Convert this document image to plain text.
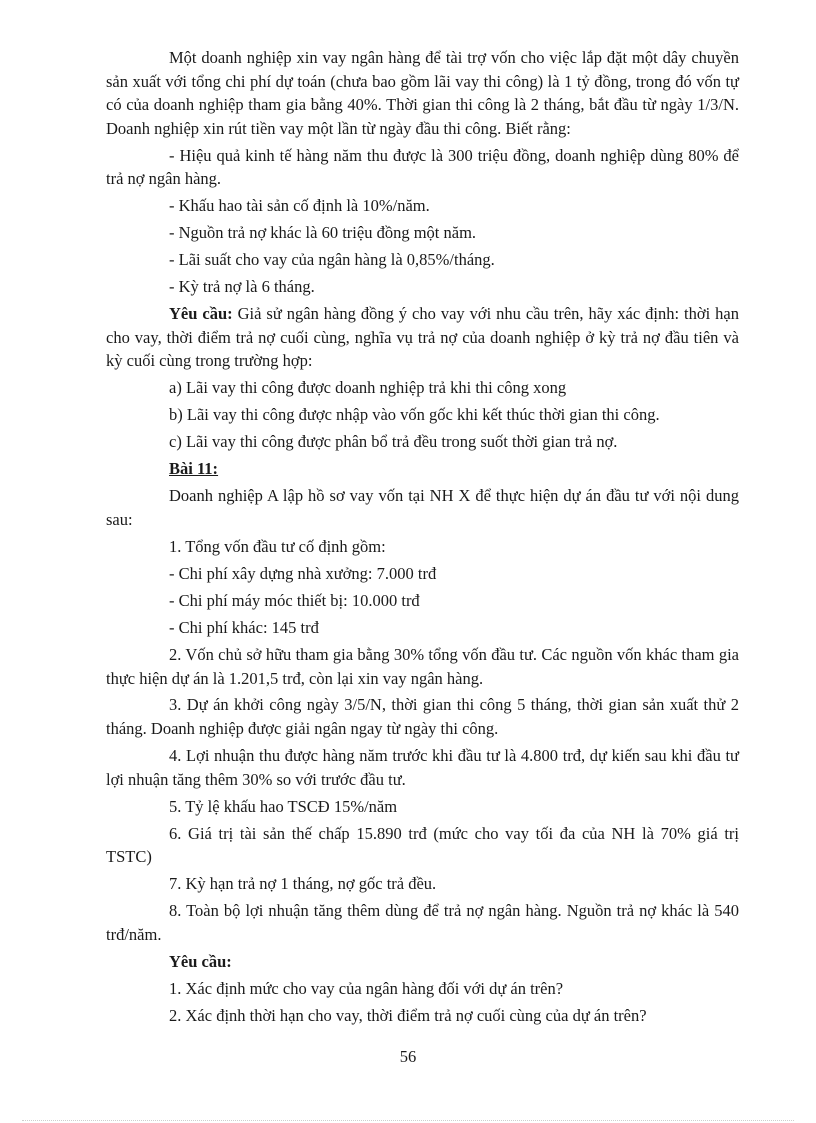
Một doanh nghiệp xin vay ngân hàng để tài trợ vốn cho việc lắp đặt một dây chuyền sản xuất với tổng chi phí dự toán (chưa bao gồm lãi vay thi công) là 1 tỷ đồng, trong đó vốn tự có của doanh nghiệp tham gia bằng 40%. Thời gian thi công là 2 tháng, bắt đầu từ ngày 1/3/N. Doanh nghiệp xin rút tiền vay một lần từ ngày đầu thi công. Biết rằng:

- Hiệu quả kinh tế hàng năm thu được là 300 triệu đồng, doanh nghiệp dùng 80% để trả nợ ngân hàng.

- Khấu hao tài sản cố định là 10%/năm.

- Nguồn trả nợ khác là 60 triệu đồng một năm.

- Lãi suất cho vay của ngân hàng là 0,85%/tháng.

- Kỳ trả nợ là 6 tháng.

Yêu cầu: Giả sử ngân hàng đồng ý cho vay với nhu cầu trên, hãy xác định: thời hạn cho vay, thời điểm trả nợ cuối cùng, nghĩa vụ trả nợ của doanh nghiệp ở kỳ trả nợ đầu tiên và kỳ cuối cùng trong trường hợp:

a) Lãi vay thi công được doanh nghiệp trả khi thi công xong

b) Lãi vay thi công được nhập vào vốn gốc khi kết thúc thời gian thi công.

c) Lãi vay thi công được phân bổ trả đều trong suốt thời gian trả nợ.

Bài 11:

Doanh nghiệp A lập hồ sơ vay vốn tại NH X để thực hiện dự án đầu tư với nội dung sau:

1. Tổng vốn đầu tư cố định gồm:

- Chi phí xây dựng nhà xưởng: 7.000 trđ

- Chi phí máy móc thiết bị: 10.000 trđ

- Chi phí khác: 145 trđ

2. Vốn chủ sở hữu tham gia bằng 30% tổng vốn đầu tư. Các nguồn vốn khác tham gia thực hiện dự án là 1.201,5 trđ, còn lại xin vay ngân hàng.

3. Dự án khởi công ngày 3/5/N, thời gian thi công 5 tháng, thời gian sản xuất thử 2 tháng. Doanh nghiệp được giải ngân ngay từ ngày thi công.

4. Lợi nhuận thu được hàng năm trước khi đầu tư là 4.800 trđ, dự kiến sau khi đầu tư lợi nhuận tăng thêm 30% so với trước đầu tư.

5. Tỷ lệ khấu hao TSCĐ 15%/năm

6. Giá trị tài sản thế chấp 15.890 trđ (mức cho vay tối đa của NH là 70% giá trị TSTC)

7. Kỳ hạn trả nợ 1 tháng, nợ gốc trả đều.

8. Toàn bộ lợi nhuận tăng thêm dùng để trả nợ ngân hàng. Nguồn trả nợ khác là 540 trđ/năm.

Yêu cầu:

1. Xác định mức cho vay của ngân hàng đối với dự án trên?

2. Xác định thời hạn cho vay, thời điểm trả nợ cuối cùng của dự án trên?

56
